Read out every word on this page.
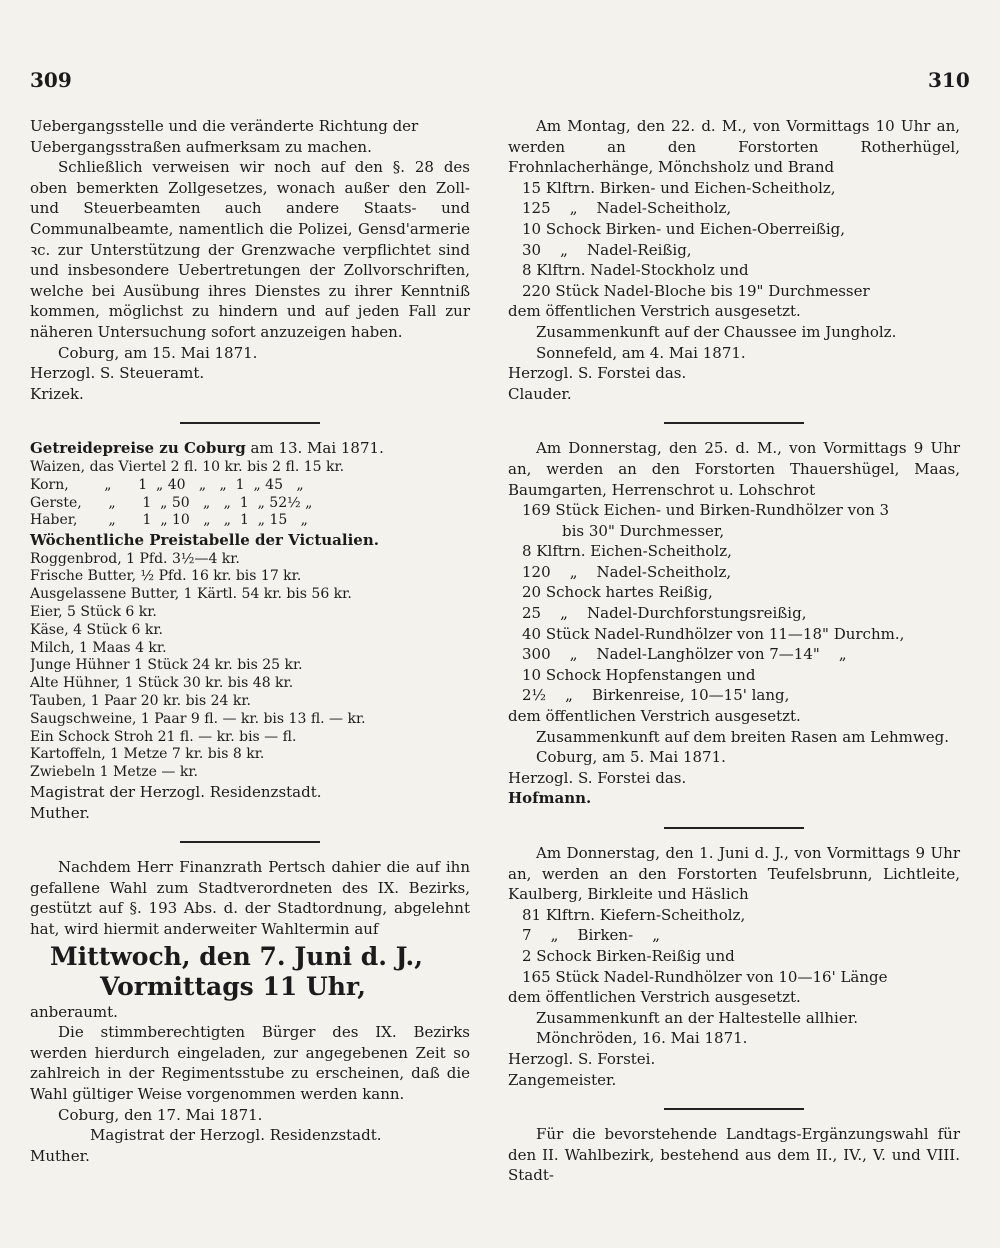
309	310

Uebergangsstelle und die veränderte Richtung der

Uebergangsstraßen aufmerksam zu machen.

Schließlich verweisen wir noch auf den §. 28 des oben bemerkten Zollgesetzes, wonach außer den Zoll- und Steuerbeamten auch andere Staats- und Communalbeamte, namentlich die Polizei, Gensd'armerie ꝛc. zur Unterstützung der Grenzwache verpflichtet sind und insbesondere Uebertretungen der Zollvorschriften, welche bei Ausübung ihres Dienstes zu ihrer Kenntniß kommen, möglichst zu hindern und auf jeden Fall zur näheren Untersuchung sofort anzuzeigen haben.

Coburg, am 15. Mai 1871.

Herzogl. S. Steueramt.

Krizek.

Getreidepreise zu Coburg am 13. Mai 1871.

Waizen, das Viertel 2 fl. 10 kr. bis 2 fl. 15 kr.
Korn,        „      1  „ 40   „   „  1  „ 45   „
Gerste,      „      1  „ 50   „   „  1  „ 52½ „
Haber,       „      1  „ 10   „   „  1  „ 15   „

Wöchentliche Preistabelle der Victualien.

Roggenbrod, 1 Pfd. 3½—4 kr.
Frische Butter, ½ Pfd. 16 kr. bis 17 kr.
Ausgelassene Butter, 1 Kärtl. 54 kr. bis 56 kr.
Eier, 5 Stück 6 kr.
Käse, 4 Stück 6 kr.
Milch, 1 Maas 4 kr.
Junge Hühner 1 Stück 24 kr. bis 25 kr.
Alte Hühner, 1 Stück 30 kr. bis 48 kr.
Tauben, 1 Paar 20 kr. bis 24 kr.
Saugschweine, 1 Paar 9 fl. — kr. bis 13 fl. — kr.
Ein Schock Stroh 21 fl. — kr. bis — fl.
Kartoffeln, 1 Metze 7 kr. bis 8 kr.
Zwiebeln 1 Metze — kr.

Magistrat der Herzogl. Residenzstadt.

Muther.

Nachdem Herr Finanzrath Pertsch dahier die auf ihn gefallene Wahl zum Stadtverordneten des IX. Bezirks, gestützt auf §. 193 Abs. d. der Stadtordnung, abgelehnt hat, wird hiermit anderweiter Wahltermin auf

Mittwoch, den 7. Juni d. J.,

Vormittags 11 Uhr,

anberaumt.

Die stimmberechtigten Bürger des IX. Bezirks werden hierdurch eingeladen, zur angegebenen Zeit so zahlreich in der Regimentsstube zu erscheinen, daß die Wahl gültiger Weise vorgenommen werden kann.

Coburg, den 17. Mai 1871.

Magistrat der Herzogl. Residenzstadt.

Muther.

Am Montag, den 22. d. M., von Vormittags 10 Uhr an, werden an den Forstorten Rotherhügel, Frohnlacherhänge, Mönchsholz und Brand

15 Klftrn. Birken- und Eichen-Scheitholz,
125    „    Nadel-Scheitholz,
10 Schock Birken- und Eichen-Oberreißig,
30    „    Nadel-Reißig,
8 Klftrn. Nadel-Stockholz und
220 Stück Nadel-Bloche bis 19" Durchmesser

dem öffentlichen Verstrich ausgesetzt.

Zusammenkunft auf der Chaussee im Jungholz.

Sonnefeld, am 4. Mai 1871.

Herzogl. S. Forstei das.

Clauder.

Am Donnerstag, den 25. d. M., von Vormittags 9 Uhr an, werden an den Forstorten Thauershügel, Maas, Baumgarten, Herrenschrot u. Lohschrot

169 Stück Eichen- und Birken-Rundhölzer von 3
bis 30" Durchmesser,
8 Klftrn. Eichen-Scheitholz,
120    „    Nadel-Scheitholz,
20 Schock hartes Reißig,
25    „    Nadel-Durchforstungsreißig,
40 Stück Nadel-Rundhölzer von 11—18" Durchm.,
300    „    Nadel-Langhölzer von 7—14"    „
10 Schock Hopfenstangen und
2½    „    Birkenreise, 10—15' lang,

dem öffentlichen Verstrich ausgesetzt.

Zusammenkunft auf dem breiten Rasen am Lehmweg.

Coburg, am 5. Mai 1871.

Herzogl. S. Forstei das.

Hofmann.

Am Donnerstag, den 1. Juni d. J., von Vormittags 9 Uhr an, werden an den Forstorten Teufelsbrunn, Lichtleite, Kaulberg, Birkleite und Häslich

81 Klftrn. Kiefern-Scheitholz,
7    „    Birken-    „
2 Schock Birken-Reißig und
165 Stück Nadel-Rundhölzer von 10—16' Länge

dem öffentlichen Verstrich ausgesetzt.

Zusammenkunft an der Haltestelle allhier.

Mönchröden, 16. Mai 1871.

Herzogl. S. Forstei.

Zangemeister.

Für die bevorstehende Landtags-Ergänzungswahl für den II. Wahlbezirk, bestehend aus dem II., IV., V. und VIII. Stadt-
